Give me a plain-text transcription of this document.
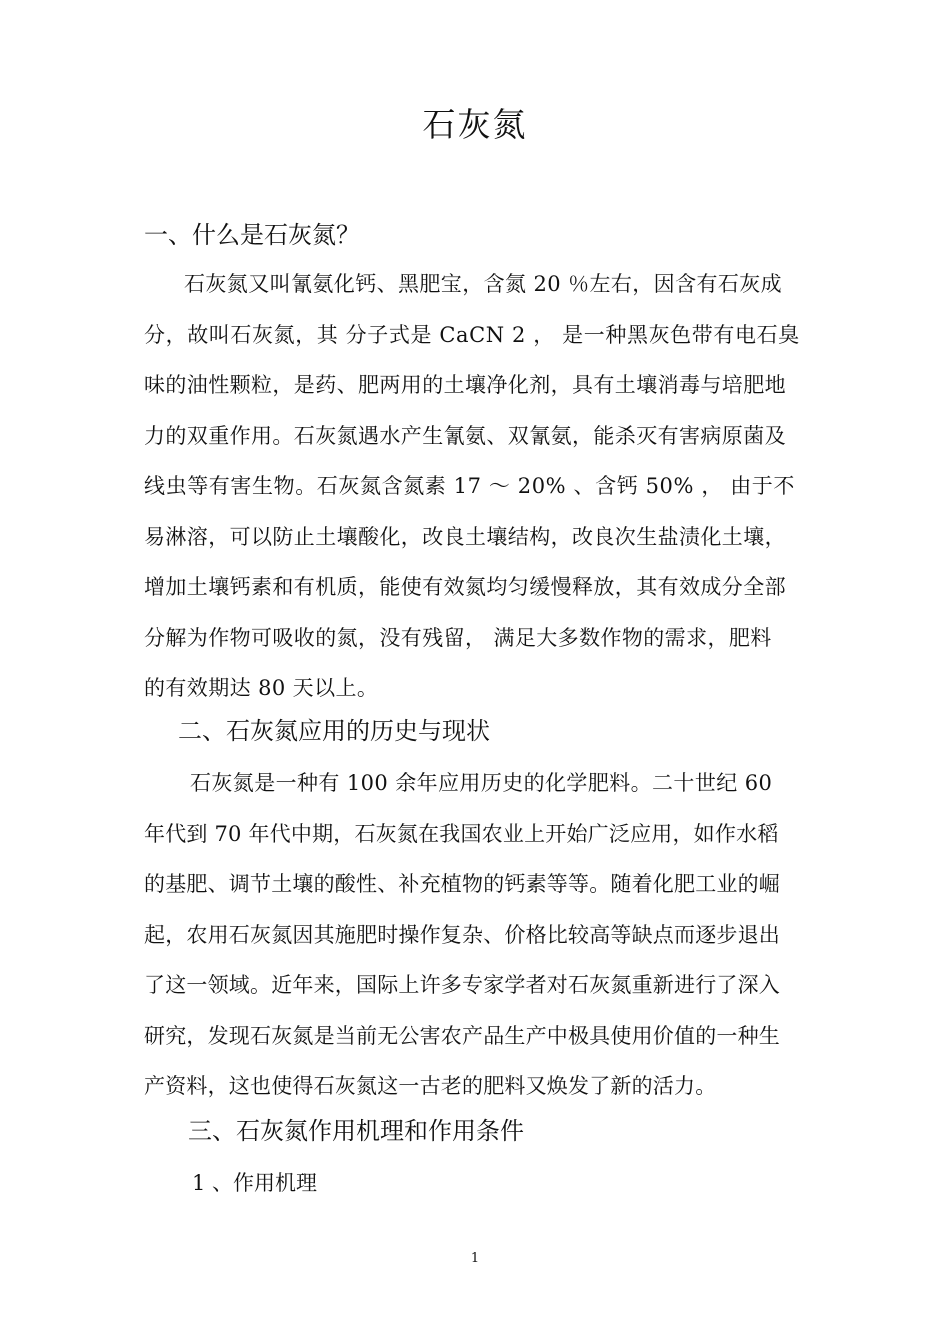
石灰氮
一、什么是石灰氮？
石灰氮又叫氰氨化钙、黑肥宝，含氮 20 ％左右，因含有石灰成
分，故叫石灰氮，其 分子式是 CaCN 2 ， 是一种黑灰色带有电石臭
味的油性颗粒，是药、肥两用的土壤净化剂，具有土壤消毒与培肥地
力的双重作用。石灰氮遇水产生氰氨、双氰氨，能杀灭有害病原菌及
线虫等有害生物。石灰氮含氮素 17 ～ 20% 、含钙 50% ， 由于不
易淋溶，可以防止土壤酸化，改良土壤结构，改良次生盐渍化土壤，
增加土壤钙素和有机质，能使有效氮均匀缓慢释放，其有效成分全部
分解为作物可吸收的氮，没有残留， 满足大多数作物的需求，肥料
的有效期达 80 天以上。
二、石灰氮应用的历史与现状
石灰氮是一种有 100 余年应用历史的化学肥料。二十世纪 60
年代到 70 年代中期，石灰氮在我国农业上开始广泛应用，如作水稻
的基肥、调节土壤的酸性、补充植物的钙素等等。随着化肥工业的崛
起，农用石灰氮因其施肥时操作复杂、价格比较高等缺点而逐步退出
了这一领域。近年来，国际上许多专家学者对石灰氮重新进行了深入
研究，发现石灰氮是当前无公害农产品生产中极具使用价值的一种生
产资料，这也使得石灰氮这一古老的肥料又焕发了新的活力。
三、石灰氮作用机理和作用条件
1 、作用机理
1
